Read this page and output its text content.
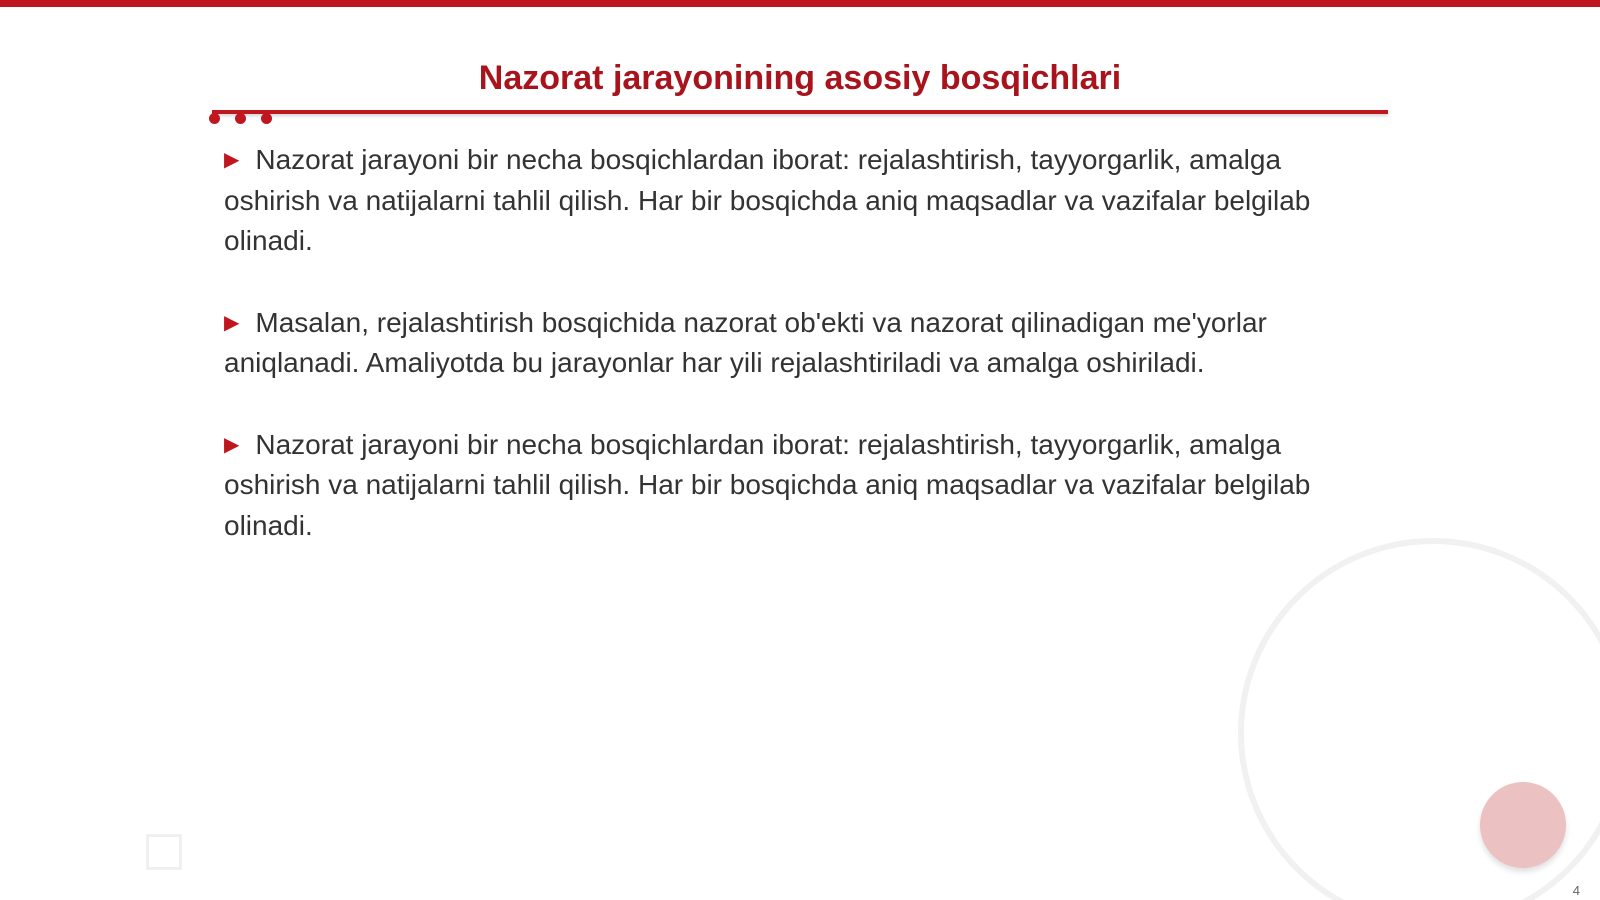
Nazorat jarayonining asosiy bosqichlari

▶ Nazorat jarayoni bir necha bosqichlardan iborat: rejalashtirish, tayyorgarlik, amalga oshirish va natijalarni tahlil qilish. Har bir bosqichda aniq maqsadlar va vazifalar belgilab olinadi.

▶ Masalan, rejalashtirish bosqichida nazorat ob'ekti va nazorat qilinadigan me'yorlar aniqlanadi. Amaliyotda bu jarayonlar har yili rejalashtiriladi va amalga oshiriladi.

▶ Nazorat jarayoni bir necha bosqichlardan iborat: rejalashtirish, tayyorgarlik, amalga oshirish va natijalarni tahlil qilish. Har bir bosqichda aniq maqsadlar va vazifalar belgilab olinadi.

4
